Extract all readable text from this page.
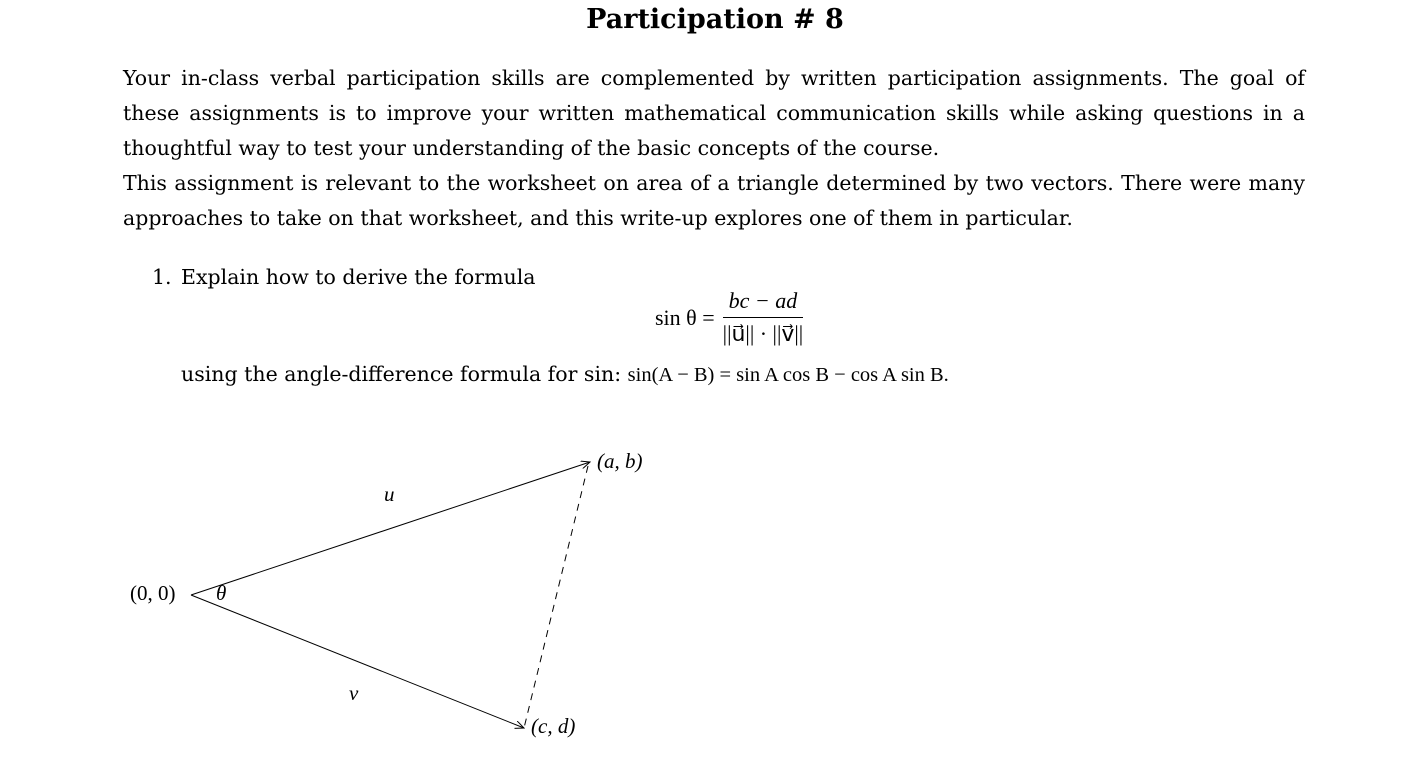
Participation # 8
Your in-class verbal participation skills are complemented by written participation assignments. The goal of these assignments is to improve your written mathematical communication skills while asking questions in a thoughtful way to test your understanding of the basic concepts of the course.
This assignment is relevant to the worksheet on area of a triangle determined by two vectors. There were many approaches to take on that worksheet, and this write-up explores one of them in particular.
1. Explain how to derive the formula
$\sin \theta = \frac{bc - ad}{||u⃗|| \cdot ||v⃗||}$
using the angle-difference formula for sin: sin(A − B) = sin A cos B − cos A sin B.
(0, 0) θ
(a, b)
(c, d)
u⃗
v⃗
